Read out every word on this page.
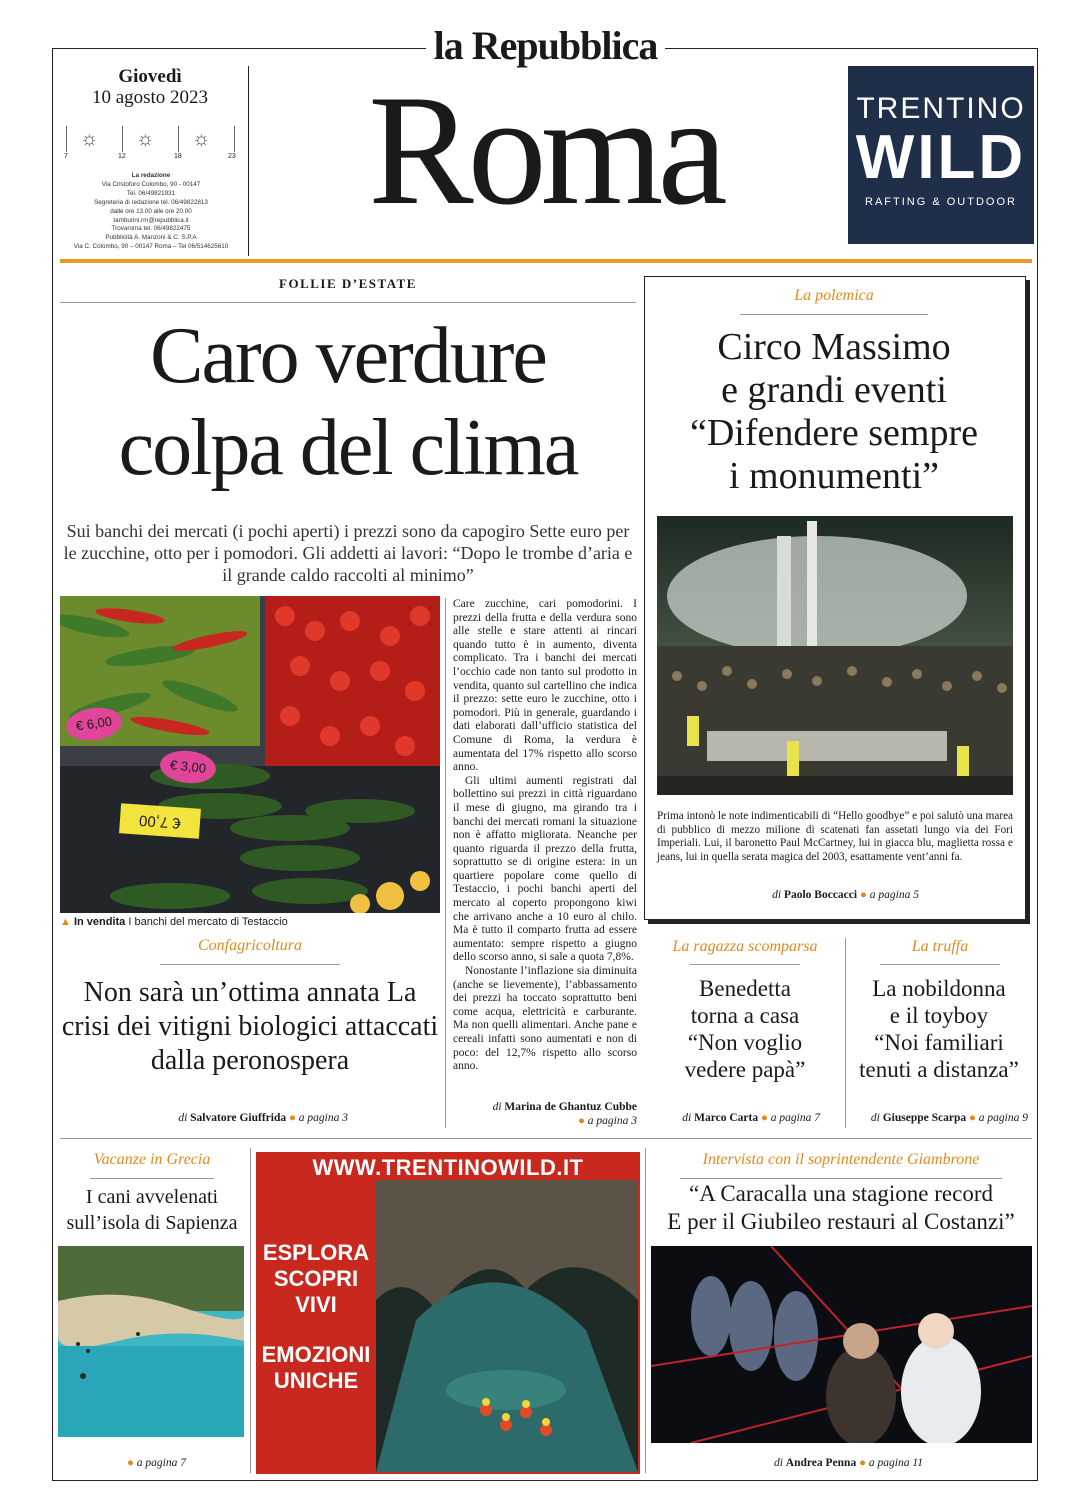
la Repubblica
Giovedì
10 agosto 2023
☼
7	12
☼
18
☼
23
La redazione
Via Cristoforo Colombo, 90 - 00147
Tel. 06/49821931
Segreteria di redazione tel. 06/49822813
dalle ore 13.00 alle ore 20.00
tamburini.rm@repubblica.it
Trovaroma tel. 06/49822475
Pubblicità A. Manzoni & C. S.P.A
Via C. Colombo, 90 – 00147 Roma – Tel 06/514625610
Roma	TRENTINO
WILD
RAFTING & OUTDOOR
FOLLIE D’ESTATE
Caro verdure
colpa del clima
Sui banchi dei mercati (i pochi aperti) i prezzi sono da capogiro Sette euro per le zucchine, otto per i pomodori. Gli addetti ai lavori: “Dopo le trombe d’aria e il grande caldo raccolti al minimo”
€ 6,00
€ 3,00
€ 7,00
▲ In vendita I banchi del mercato di Testaccio
Care zucchine, cari pomodorini. I prezzi della frutta e della verdura sono alle stelle e stare attenti ai rincari quando tutto è in aumento, diventa complicato. Tra i banchi dei mercati l’occhio cade non tanto sul prodotto in vendita, quanto sul cartellino che indica il prezzo: sette euro le zucchine, otto i pomodori. Più in generale, guardando i dati elaborati dall’ufficio statistica del Comune di Roma, la verdura è aumentata del 17% rispetto allo scorso anno.
Gli ultimi aumenti registrati dal bollettino sui prezzi in città riguardano il mese di giugno, ma girando tra i banchi dei mercati romani la situazione non è affatto migliorata. Neanche per quanto riguarda il prezzo della frutta, soprattutto se di origine estera: in un quartiere popolare come quello di Testaccio, i pochi banchi aperti del mercato al coperto propongono kiwi che arrivano anche a 10 euro al chilo. Ma è tutto il comparto frutta ad essere aumentato: sempre rispetto a giugno dello scorso anno, si sale a quota 7,8%.
Nonostante l’inflazione sia diminuita (anche se lievemente), l’abbassamento dei prezzi ha toccato soprattutto beni come acqua, elettricità e carburante. Ma non quelli alimentari. Anche pane e cereali infatti sono aumentati e non di poco: del 12,7% rispetto allo scorso anno.
di Marina de Ghantuz Cubbe
● a pagina 3
Confagricoltura
Non sarà un’ottima annata La crisi dei vitigni biologici attaccati dalla peronospera
di Salvatore Giuffrida ● a pagina 3
La polemica
Circo Massimo
e grandi eventi
“Difendere sempre
i monumenti”
Prima intonò le note indimenticabili di “Hello goodbye” e poi salutò una marea di pubblico di mezzo milione di scatenati fan assetati lungo via dei Fori Imperiali. Lui, il baronetto Paul McCartney, lui in giacca blu, maglietta rossa e jeans, lui in quella serata magica del 2003, esattamente vent’anni fa.
di Paolo Boccacci ● a pagina 5
La ragazza scomparsa
Benedetta
torna a casa
“Non voglio
vedere papà”
di Marco Carta ● a pagina 7
La truffa
La nobildonna
e il toyboy
“Noi familiari
tenuti a distanza”
di Giuseppe Scarpa ● a pagina 9
Vacanze in Grecia
I cani avvelenati
sull’isola di Sapienza
● a pagina 7
WWW.TRENTINOWILD.IT
ESPLORA
SCOPRI
VIVI
EMOZIONI
UNICHE
Intervista con il soprintendente Giambrone
“A Caracalla una stagione record
E per il Giubileo restauri al Costanzi”
di Andrea Penna ● a pagina 11
